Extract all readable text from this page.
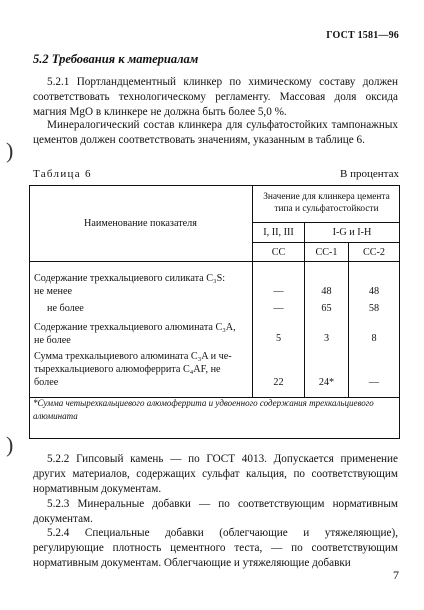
ГОСТ 1581—96
5.2 Требования к материалам
5.2.1 Портландцементный клинкер по химическому составу должен соответствовать технологическому регламенту. Массовая доля оксида магния MgO в клинкере не должна быть более 5,0 %.
Минералогический состав клинкера для сульфатостойких тампонажных цементов должен соответствовать значениям, указанным в таблице 6.
Таблица 6	В процентах
Наименование показателя
Значение для клинкера цемента типа и сульфатостойкости
I, II, III	I-G и I-H
СС	СС-1	СС-2
Содержание трехкальциевого силиката C₃S:
не менее	—	48	48
не более	—	65	58
Содержание трехкальциевого алюмината C₃A,
не более	5	3	8
Сумма трехкальциевого алюмината C₃A и че-
тырехкальциевого алюмоферрита C₄AF, не
более	22	24*	—
*Сумма четырехкальциевого алюмоферрита и удвоенного содержания трехкальциевого алюмината
5.2.2 Гипсовый камень — по ГОСТ 4013. Допускается применение других материалов, содержащих сульфат кальция, по соответствующим нормативным документам.
5.2.3 Минеральные добавки — по соответствующим нормативным документам.
5.2.4 Специальные добавки (облегчающие и утяжеляющие), регулирующие плотность цементного теста, — по соответствующим нормативным документам. Облегчающие и утяжеляющие добавки
)
)
7
